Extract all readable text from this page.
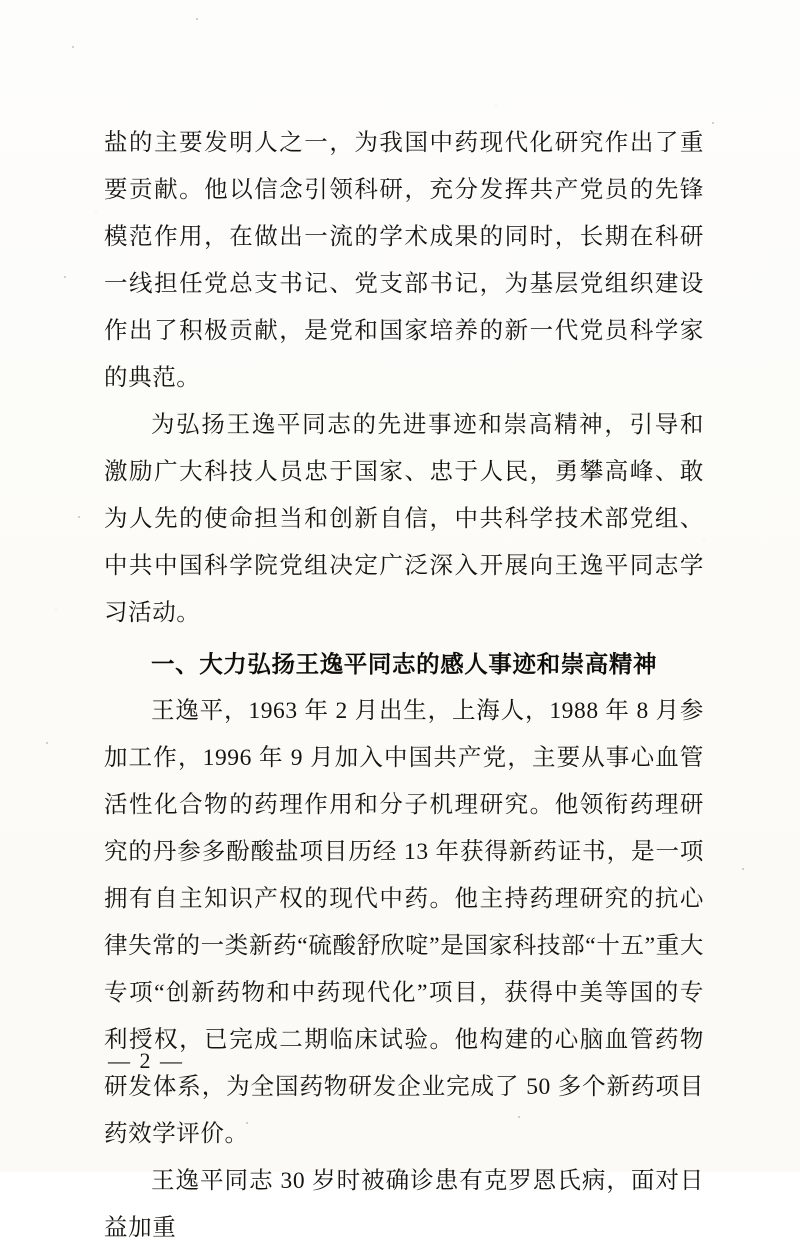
盐的主要发明人之一，为我国中药现代化研究作出了重要贡献。他以信念引领科研，充分发挥共产党员的先锋模范作用，在做出一流的学术成果的同时，长期在科研一线担任党总支书记、党支部书记，为基层党组织建设作出了积极贡献，是党和国家培养的新一代党员科学家的典范。

为弘扬王逸平同志的先进事迹和崇高精神，引导和激励广大科技人员忠于国家、忠于人民，勇攀高峰、敢为人先的使命担当和创新自信，中共科学技术部党组、中共中国科学院党组决定广泛深入开展向王逸平同志学习活动。

一、大力弘扬王逸平同志的感人事迹和崇高精神

王逸平，1963 年 2 月出生，上海人，1988 年 8 月参加工作，1996 年 9 月加入中国共产党，主要从事心血管活性化合物的药理作用和分子机理研究。他领衔药理研究的丹参多酚酸盐项目历经 13 年获得新药证书，是一项拥有自主知识产权的现代中药。他主持药理研究的抗心律失常的一类新药“硫酸舒欣啶”是国家科技部“十五”重大专项“创新药物和中药现代化”项目，获得中美等国的专利授权，已完成二期临床试验。他构建的心脑血管药物研发体系，为全国药物研发企业完成了 50 多个新药项目药效学评价。

王逸平同志 30 岁时被确诊患有克罗恩氏病，面对日益加重

— 2 —
